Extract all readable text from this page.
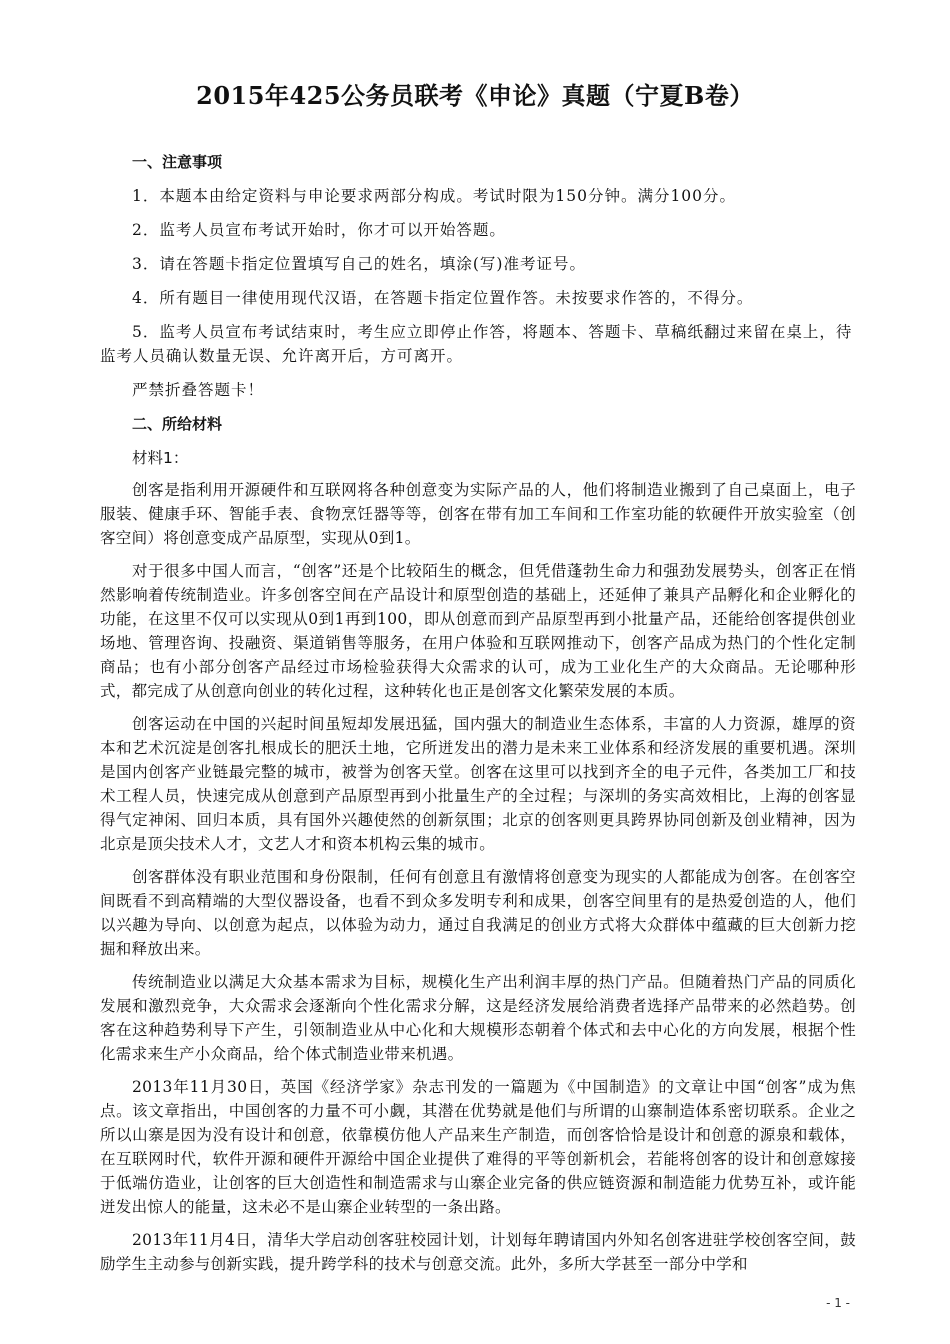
2015年425公务员联考《申论》真题（宁夏B卷）
一、注意事项
1．本题本由给定资料与申论要求两部分构成。考试时限为150分钟。满分100分。
2．监考人员宣布考试开始时，你才可以开始答题。
3．请在答题卡指定位置填写自己的姓名，填涂(写)准考证号。
4．所有题目一律使用现代汉语，在答题卡指定位置作答。未按要求作答的，不得分。
5．监考人员宣布考试结束时，考生应立即停止作答，将题本、答题卡、草稿纸翻过来留在桌上，待监考人员确认数量无误、允许离开后，方可离开。
严禁折叠答题卡！
二、所给材料
材料1：

创客是指利用开源硬件和互联网将各种创意变为实际产品的人，他们将制造业搬到了自己桌面上，电子服装、健康手环、智能手表、食物烹饪器等等，创客在带有加工车间和工作室功能的软硬件开放实验室（创客空间）将创意变成产品原型，实现从0到1。

对于很多中国人而言，“创客”还是个比较陌生的概念，但凭借蓬勃生命力和强劲发展势头，创客正在悄然影响着传统制造业。许多创客空间在产品设计和原型创造的基础上，还延伸了兼具产品孵化和企业孵化的功能，在这里不仅可以实现从0到1再到100，即从创意而到产品原型再到小批量产品，还能给创客提供创业场地、管理咨询、投融资、渠道销售等服务，在用户体验和互联网推动下，创客产品成为热门的个性化定制商品；也有小部分创客产品经过市场检验获得大众需求的认可，成为工业化生产的大众商品。无论哪种形式，都完成了从创意向创业的转化过程，这种转化也正是创客文化繁荣发展的本质。

创客运动在中国的兴起时间虽短却发展迅猛，国内强大的制造业生态体系，丰富的人力资源，雄厚的资本和艺术沉淀是创客扎根成长的肥沃土地，它所迸发出的潜力是未来工业体系和经济发展的重要机遇。深圳是国内创客产业链最完整的城市，被誉为创客天堂。创客在这里可以找到齐全的电子元件，各类加工厂和技术工程人员，快速完成从创意到产品原型再到小批量生产的全过程；与深圳的务实高效相比，上海的创客显得气定神闲、回归本质，具有国外兴趣使然的创新氛围；北京的创客则更具跨界协同创新及创业精神，因为北京是顶尖技术人才，文艺人才和资本机构云集的城市。

创客群体没有职业范围和身份限制，任何有创意且有激情将创意变为现实的人都能成为创客。在创客空间既看不到高精端的大型仪器设备，也看不到众多发明专利和成果，创客空间里有的是热爱创造的人，他们以兴趣为导向、以创意为起点，以体验为动力，通过自我满足的创业方式将大众群体中蕴藏的巨大创新力挖掘和释放出来。

传统制造业以满足大众基本需求为目标，规模化生产出利润丰厚的热门产品。但随着热门产品的同质化发展和激烈竞争，大众需求会逐渐向个性化需求分解，这是经济发展给消费者选择产品带来的必然趋势。创客在这种趋势利导下产生，引领制造业从中心化和大规模形态朝着个体式和去中心化的方向发展，根据个性化需求来生产小众商品，给个体式制造业带来机遇。

2013年11月30日，英国《经济学家》杂志刊发的一篇题为《中国制造》的文章让中国“创客”成为焦点。该文章指出，中国创客的力量不可小觑，其潜在优势就是他们与所谓的山寨制造体系密切联系。企业之所以山寨是因为没有设计和创意，依靠模仿他人产品来生产制造，而创客恰恰是设计和创意的源泉和载体，在互联网时代，软件开源和硬件开源给中国企业提供了难得的平等创新机会，若能将创客的设计和创意嫁接于低端仿造业，让创客的巨大创造性和制造需求与山寨企业完备的供应链资源和制造能力优势互补，或许能迸发出惊人的能量，这未必不是山寨企业转型的一条出路。

2013年11月4日，清华大学启动创客驻校园计划，计划每年聘请国内外知名创客进驻学校创客空间，鼓励学生主动参与创新实践，提升跨学科的技术与创意交流。此外，多所大学甚至一部分中学和

- 1 -
